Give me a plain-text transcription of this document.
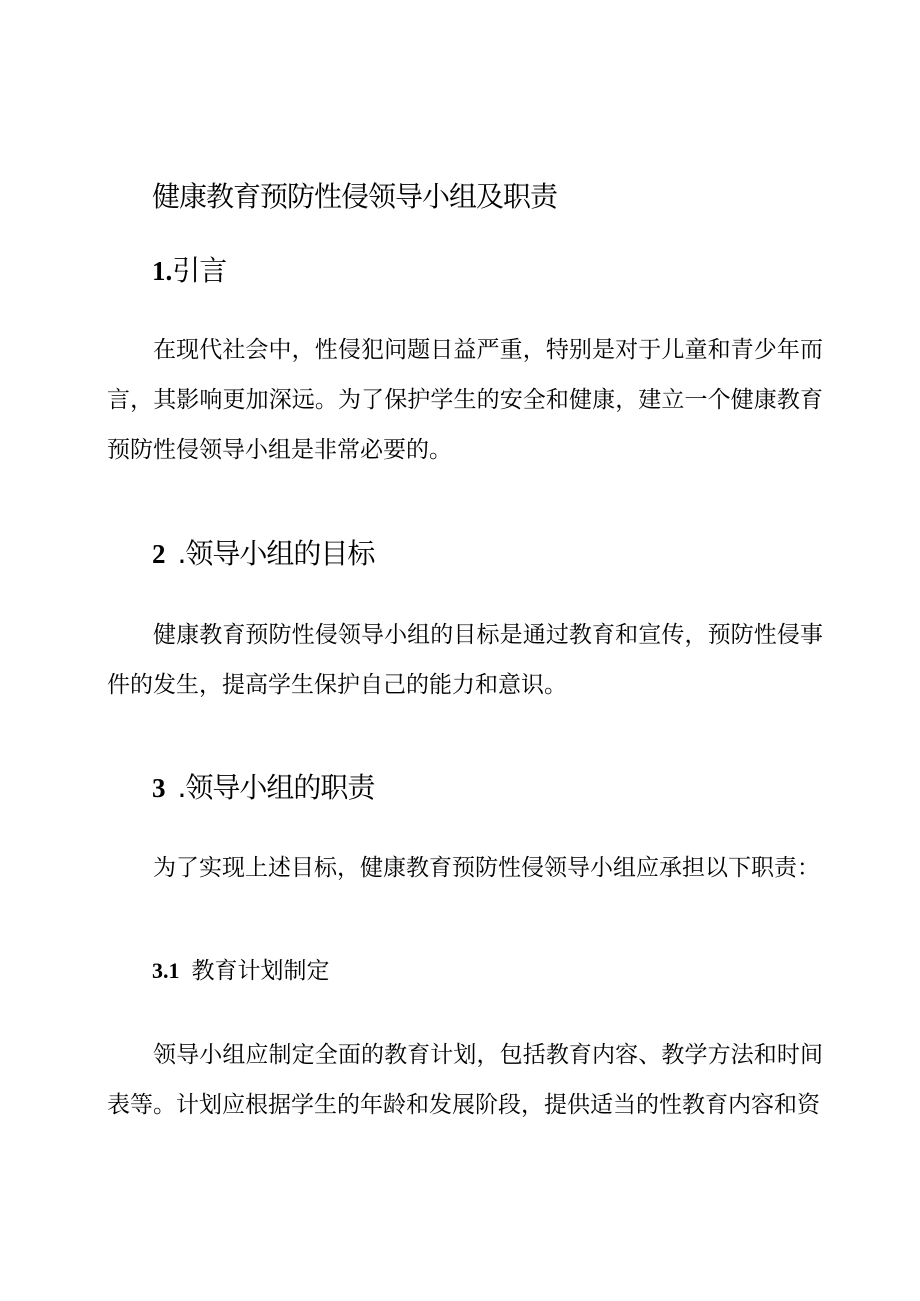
健康教育预防性侵领导小组及职责
1.引言

在现代社会中，性侵犯问题日益严重，特别是对于儿童和青少年而言，其影响更加深远。为了保护学生的安全和健康，建立一个健康教育预防性侵领导小组是非常必要的。

2 .领导小组的目标

健康教育预防性侵领导小组的目标是通过教育和宣传，预防性侵事件的发生，提高学生保护自己的能力和意识。

3 .领导小组的职责

为了实现上述目标，健康教育预防性侵领导小组应承担以下职责：

3.1 教育计划制定

领导小组应制定全面的教育计划，包括教育内容、教学方法和时间表等。计划应根据学生的年龄和发展阶段，提供适当的性教育内容和资
